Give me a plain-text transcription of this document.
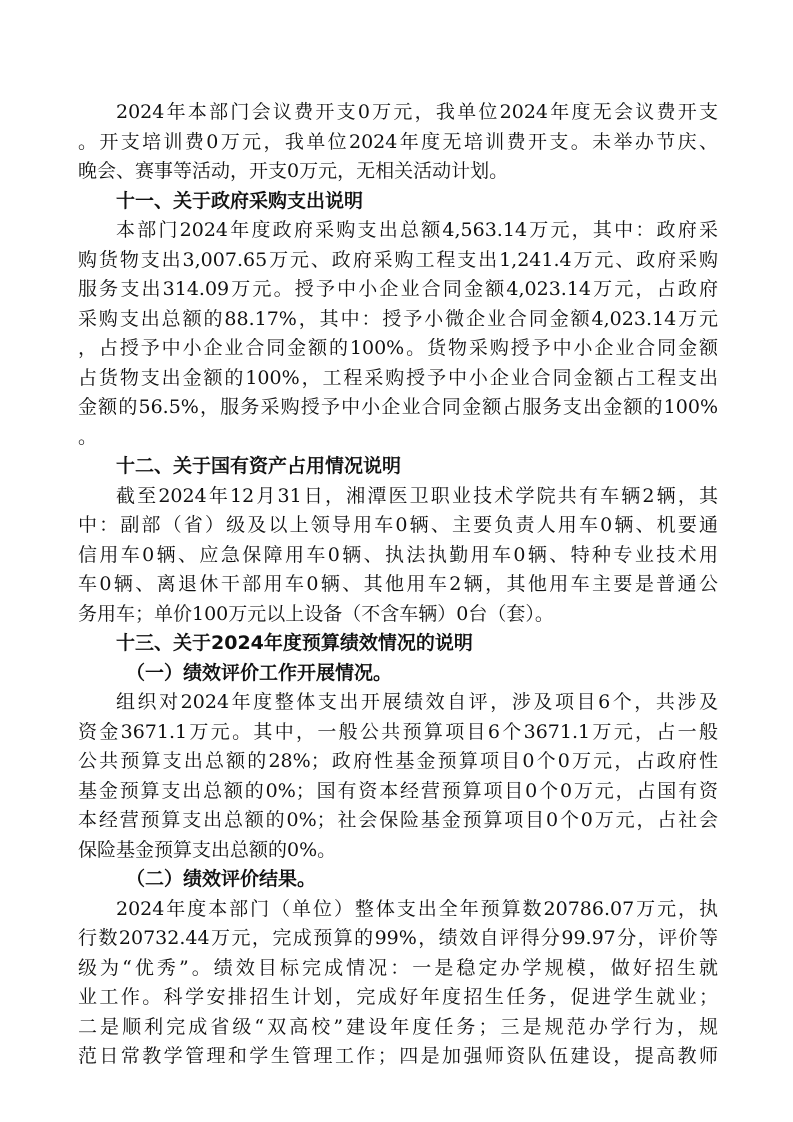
2024年本部门会议费开支0万元，我单位2024年度无会议费开支
。开支培训费0万元，我单位2024年度无培训费开支。未举办节庆、
晚会、赛事等活动，开支0万元，无相关活动计划。
十一、关于政府采购支出说明
本部门2024年度政府采购支出总额4,563.14万元，其中：政府采
购货物支出3,007.65万元、政府采购工程支出1,241.4万元、政府采购
服务支出314.09万元。授予中小企业合同金额4,023.14万元，占政府
采购支出总额的88.17%，其中：授予小微企业合同金额4,023.14万元
，占授予中小企业合同金额的100%。货物采购授予中小企业合同金额
占货物支出金额的100%，工程采购授予中小企业合同金额占工程支出
金额的56.5%，服务采购授予中小企业合同金额占服务支出金额的100%
。
十二、关于国有资产占用情况说明
截至2024年12月31日，湘潭医卫职业技术学院共有车辆2辆，其
中：副部（省）级及以上领导用车0辆、主要负责人用车0辆、机要通
信用车0辆、应急保障用车0辆、执法执勤用车0辆、特种专业技术用
车0辆、离退休干部用车0辆、其他用车2辆，其他用车主要是普通公
务用车；单价100万元以上设备（不含车辆）0台（套）。
十三、关于2024年度预算绩效情况的说明
（一）绩效评价工作开展情况。
组织对2024年度整体支出开展绩效自评，涉及项目6个，共涉及
资金3671.1万元。其中，一般公共预算项目6个3671.1万元，占一般
公共预算支出总额的28%；政府性基金预算项目0个0万元，占政府性
基金预算支出总额的0%；国有资本经营预算项目0个0万元，占国有资
本经营预算支出总额的0%；社会保险基金预算项目0个0万元，占社会
保险基金预算支出总额的0%。
（二）绩效评价结果。
2024年度本部门（单位）整体支出全年预算数20786.07万元，执
行数20732.44万元，完成预算的99%，绩效自评得分99.97分，评价等
级为“优秀”。绩效目标完成情况：一是稳定办学规模，做好招生就
业工作。科学安排招生计划，完成好年度招生任务，促进学生就业；
二是顺利完成省级“双高校”建设年度任务；三是规范办学行为，规
范日常教学管理和学生管理工作；四是加强师资队伍建设，提高教师
